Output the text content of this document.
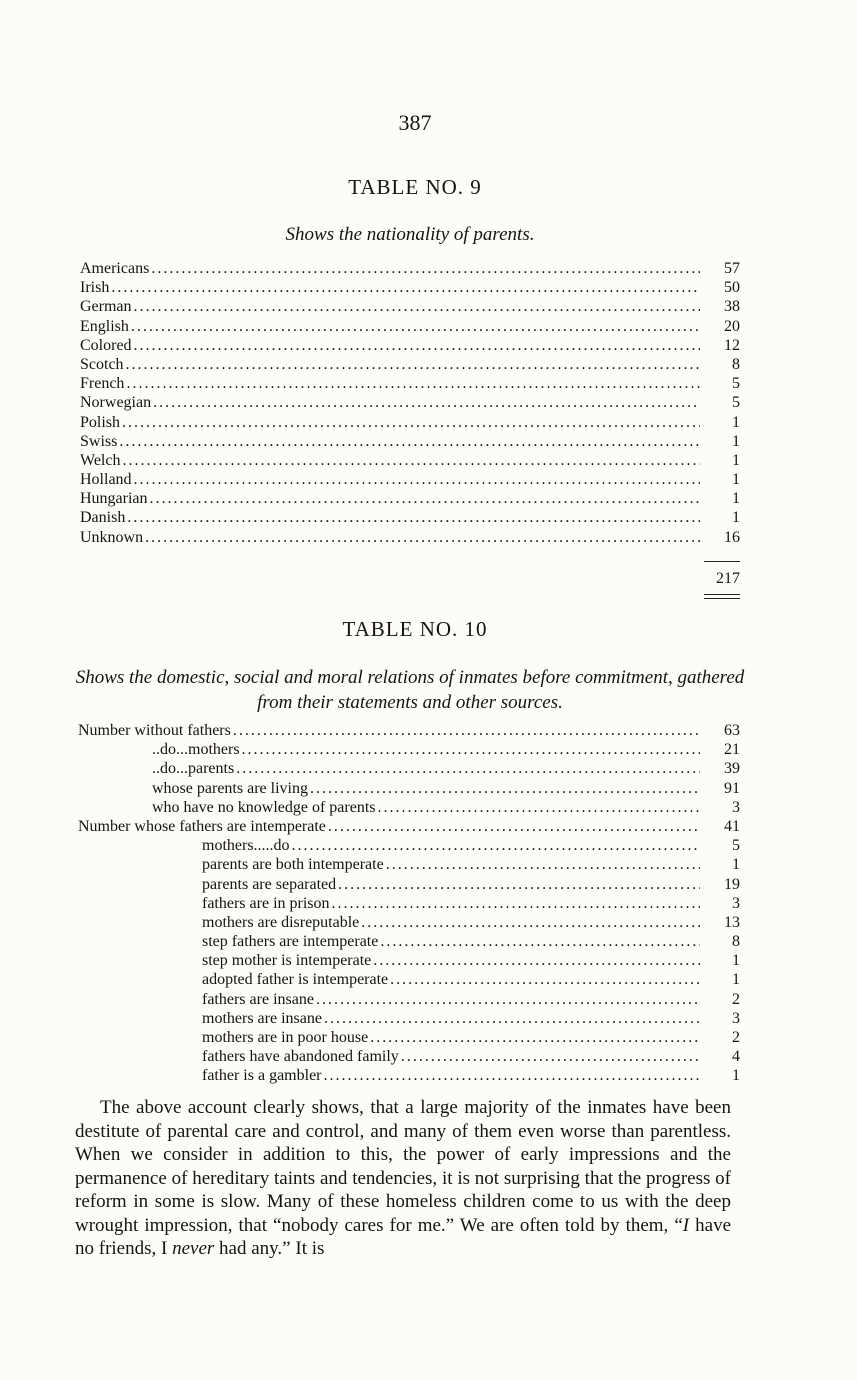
387
TABLE NO. 9
Shows the nationality of parents.
Americans .....	57
Irish .....	50
German .....	38
English .....	20
Colored .....	12
Scotch .....	8
French .....	5
Norwegian .....	5
Polish .....	1
Swiss .....	1
Welch .....	1
Holland .....	1
Hungarian .....	1
Danish .....	1
Unknown .....	16
217
TABLE NO. 10
Shows the domestic, social and moral relations of inmates before commitment, gathered from their statements and other sources.
Number without fathers .....	63
..do...mothers .....	21
..do...parents .....	39
whose parents are living .....	91
who have no knowledge of parents .....	3
Number whose fathers are intemperate .....	41
mothers.....do .....	5
parents are both intemperate .....	1
parents are separated .....	19
fathers are in prison .....	3
mothers are disreputable .....	13
step fathers are intemperate .....	8
step mother is intemperate .....	1
adopted father is intemperate .....	1
fathers are insane .....	2
mothers are insane .....	3
mothers are in poor house .....	2
fathers have abandoned family .....	4
father is a gambler .....	1

The above account clearly shows, that a large majority of the inmates have been destitute of parental care and control, and many of them even worse than parentless. When we consider in addition to this, the power of early impressions and the permanence of hereditary taints and tendencies, it is not surprising that the progress of reform in some is slow. Many of these homeless children come to us with the deep wrought impression, that “nobody cares for me.” We are often told by them, “I have no friends, I never had any.” It is
